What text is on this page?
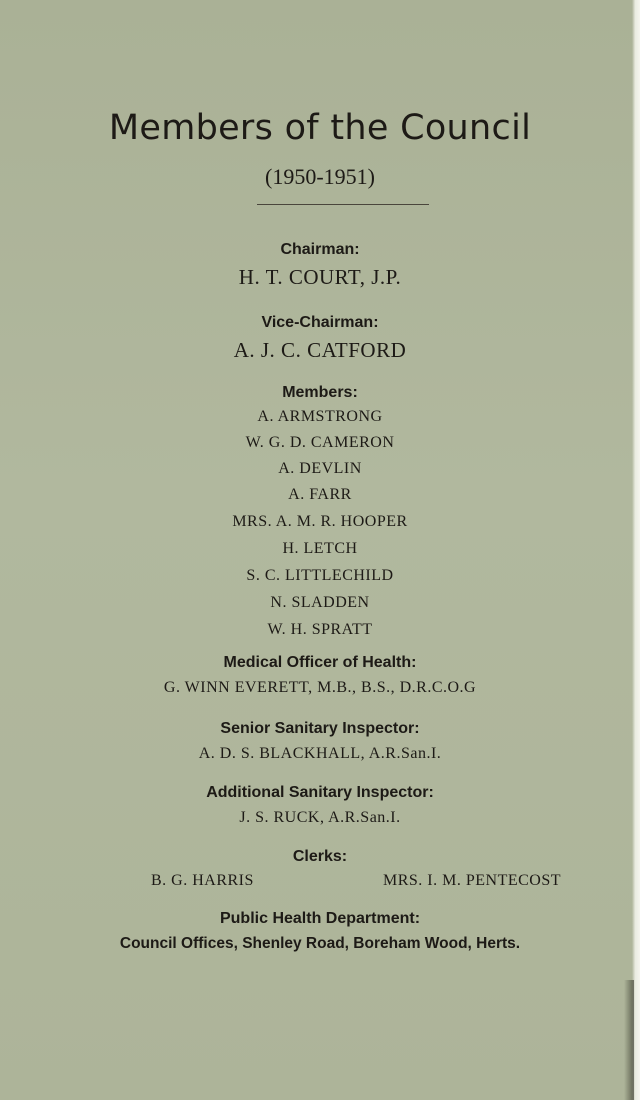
Members of the Council
(1950-1951)
Chairman:
H. T. COURT, J.P.
Vice-Chairman:
A. J. C. CATFORD
Members:
A. ARMSTRONG
W. G. D. CAMERON
A. DEVLIN
A. FARR
MRS. A. M. R. HOOPER
H. LETCH
S. C. LITTLECHILD
N. SLADDEN
W. H. SPRATT
Medical Officer of Health:
G. WINN EVERETT, M.B., B.S., D.R.C.O.G
Senior Sanitary Inspector:
A. D. S. BLACKHALL, A.R.San.I.
Additional Sanitary Inspector:
J. S. RUCK, A.R.San.I.
Clerks:
B. G. HARRIS	MRS. I. M. PENTECOST
Public Health Department:
Council Offices, Shenley Road, Boreham Wood, Herts.
